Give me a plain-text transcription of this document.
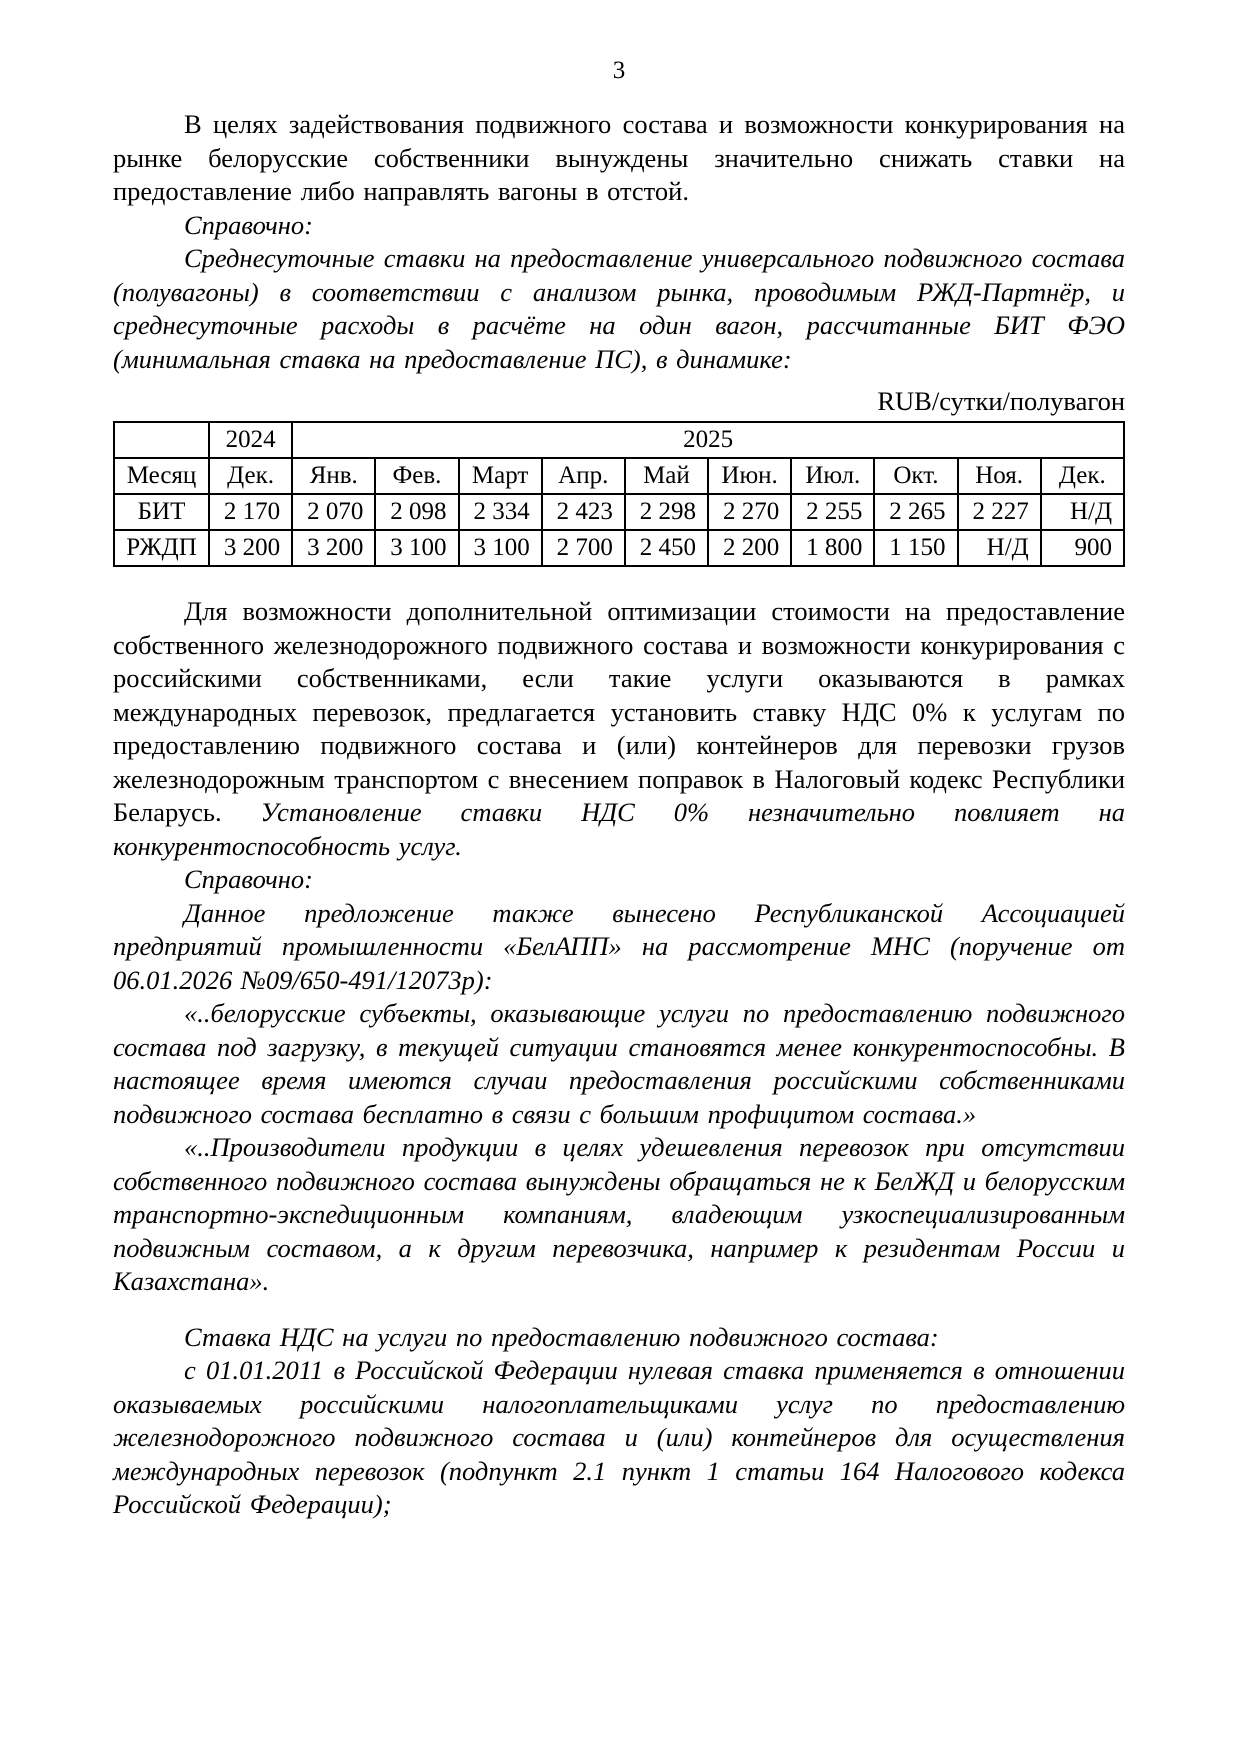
3

В целях задействования подвижного состава и возможности конкурирования на рынке белорусские собственники вынуждены значительно снижать ставки на предоставление либо направлять вагоны в отстой.

Справочно:

Среднесуточные ставки на предоставление универсального подвижного состава (полувагоны) в соответствии с анализом рынка, проводимым РЖД-Партнёр, и среднесуточные расходы в расчёте на один вагон, рассчитанные БИТ ФЭО (минимальная ставка на предоставление ПС), в динамике:

RUB/сутки/полувагон
	2024	2025									
Месяц	Дек.	Янв.	Фев.	Март	Апр.	Май	Июн.	Июл.	Окт.	Ноя.	Дек.
БИТ	2 170	2 070	2 098	2 334	2 423	2 298	2 270	2 255	2 265	2 227	Н/Д
РЖДП	3 200	3 200	3 100	3 100	2 700	2 450	2 200	1 800	1 150	Н/Д	900

Для возможности дополнительной оптимизации стоимости на предоставление собственного железнодорожного подвижного состава и возможности конкурирования с российскими собственниками, если такие услуги оказываются в рамках международных перевозок, предлагается установить ставку НДС 0% к услугам по предоставлению подвижного состава и (или) контейнеров для перевозки грузов железнодорожным транспортом с внесением поправок в Налоговый кодекс Республики Беларусь. Установление ставки НДС 0% незначительно повлияет на конкурентоспособность услуг.

Справочно:

Данное предложение также вынесено Республиканской Ассоциацией предприятий промышленности «БелАПП» на рассмотрение МНС (поручение от 06.01.2026 №09/650-491/12073р):

«..белорусские субъекты, оказывающие услуги по предоставлению подвижного состава под загрузку, в текущей ситуации становятся менее конкурентоспособны. В настоящее время имеются случаи предоставления российскими собственниками подвижного состава бесплатно в связи с большим профицитом состава.»

«..Производители продукции в целях удешевления перевозок при отсутствии собственного подвижного состава вынуждены обращаться не к БелЖД и белорусским транспортно-экспедиционным компаниям, владеющим узкоспециализированным подвижным составом, а к другим перевозчика, например к резидентам России и Казахстана».

Ставка НДС на услуги по предоставлению подвижного состава:

с 01.01.2011 в Российской Федерации нулевая ставка применяется в отношении оказываемых российскими налогоплательщиками услуг по предоставлению железнодорожного подвижного состава и (или) контейнеров для осуществления международных перевозок (подпункт 2.1 пункт 1 статьи 164 Налогового кодекса Российской Федерации);
